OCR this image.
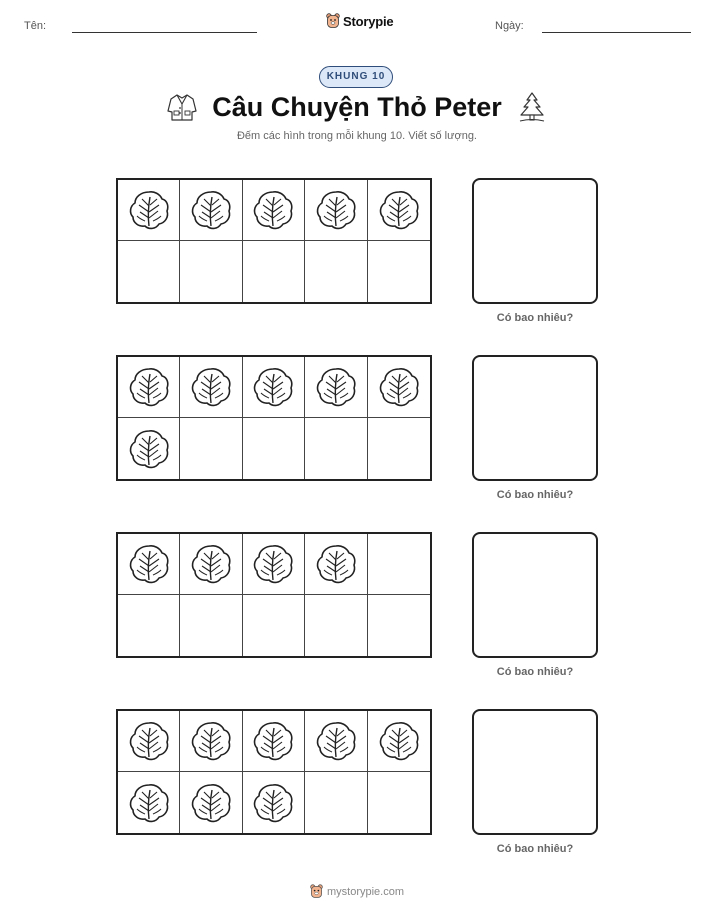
Tên:	Storypie	Ngày:
KHUNG 10
Câu Chuyện Thỏ Peter
Đếm các hình trong mỗi khung 10. Viết số lượng.
Có bao nhiêu?
Có bao nhiêu?
Có bao nhiêu?
Có bao nhiêu?
mystorypie.com
